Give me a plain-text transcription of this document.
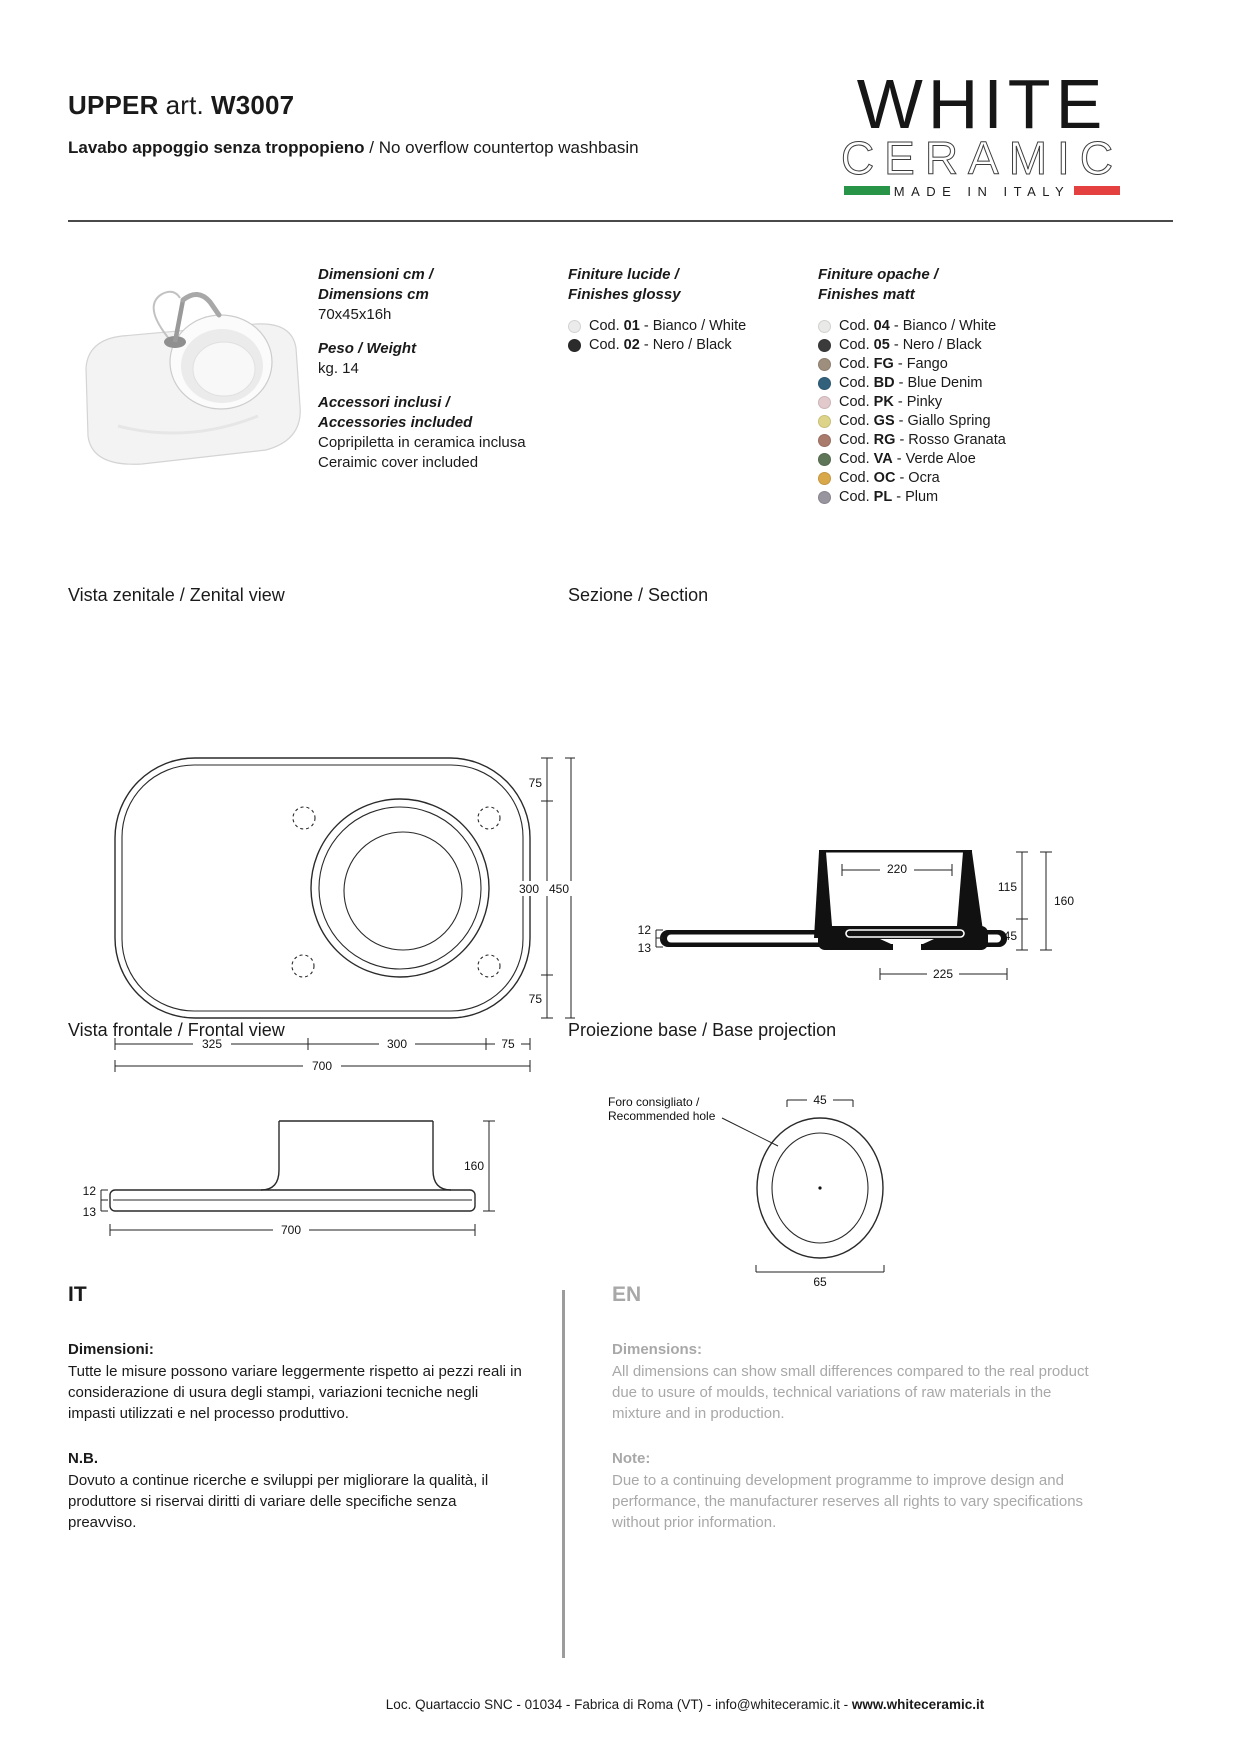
UPPER art. W3007
Lavabo appoggio senza troppopieno / No overflow countertop washbasin
WHITE
CERAMIC
MADE IN ITALY
Dimensioni cm /
Dimensions cm
70x45x16h
Peso / Weight
kg. 14
Accessori inclusi /
Accessories included
Copripiletta in ceramica inclusa
Ceraimic cover included
Finiture lucide /
Finishes glossy
Cod. 01 - Bianco / White
Cod. 02 - Nero / Black
Finiture opache /
Finishes matt
Cod. 04 - Bianco / White
Cod. 05 - Nero / Black
Cod. FG - Fango
Cod. BD - Blue Denim
Cod. PK - Pinky
Cod. GS - Giallo Spring
Cod. RG - Rosso Granata
Cod. VA - Verde Aloe
Cod. OC - Ocra
Cod. PL - Plum
Vista zenitale / Zenital view	Sezione / Section
75
300 450
75
325	300	75
700
220
12
13
115
45
160
225
Vista frontale / Frontal view	Proiezione base / Base projection
12
13
160
700
Foro consigliato /
Recommended hole
45
65
IT

Dimensioni:

Tutte le misure possono variare leggermente rispetto ai pezzi reali in considerazione di usura degli stampi, variazioni tecniche negli impasti utilizzati e nel processo produttivo.

N.B.

Dovuto a continue ricerche e sviluppi per migliorare la qualità, il produttore si riservai diritti di variare delle specifiche senza preavviso.

EN

Dimensions:

All dimensions can show small differences compared to the real product due to usure of moulds, technical variations of raw materials in the mixture and in production.

Note:

Due to a continuing development programme to improve design and performance, the manufacturer reserves all rights to vary specifications without prior information.

Loc. Quartaccio SNC - 01034 - Fabrica di Roma (VT) - info@whiteceramic.it - www.whiteceramic.it
